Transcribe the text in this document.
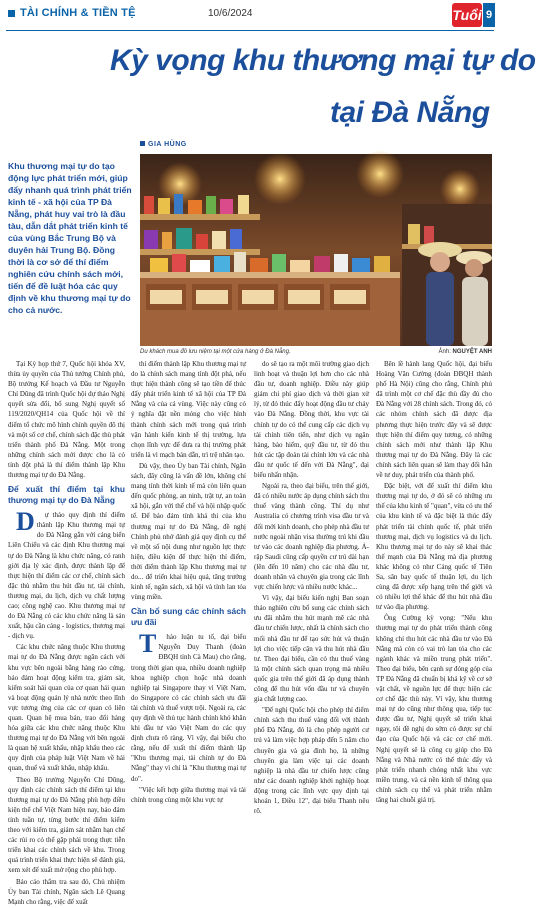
TÀI CHÍNH & TIỀN TỆ	10/6/2024	Tuổi 9
Kỳ vọng khu thương mại tự do
tại Đà Nẵng
GIA HÙNG
Khu thương mại tự do tạo động lực phát triển mới, giúp đẩy nhanh quá trình phát triển kinh tế - xã hội của TP Đà Nẵng, phát huy vai trò là đầu tàu, dẫn dắt phát triển kinh tế của vùng Bắc Trung Bộ và duyên hải Trung Bộ. Đồng thời là cơ sở để thí điểm nghiên cứu chính sách mới, tiến để đề luật hóa các quy định về khu thương mại tự do cho cả nước.
Du khách mua đồ lưu niệm tại một cửa hàng ở Đà Nẵng.	Ảnh: NGUYỆT ANH

Tại Kỳ họp thứ 7, Quốc hội khóa XV, thừa ủy quyền của Thủ tướng Chính phủ, Bộ trưởng Kế hoạch và Đầu tư Nguyễn Chí Dũng đã trình Quốc hội dự thảo Nghị quyết sửa đổi, bổ sung Nghị quyết số 119/2020/QH14 của Quốc hội về thí điểm tổ chức mô hình chính quyền đô thị và một số cơ chế, chính sách đặc thù phát triển thành phố Đà Nẵng. Một trong những chính sách mới được cho là có tính đột phá là thí điểm thành lập Khu thương mại tự do Đà Nẵng.

Để xuất thí điểm tại khu thương mại tự do Đà Nẵng

Dự thảo quy định thí điểm thành lập Khu thương mại tự do Đà Nẵng gắn với cảng biển Liên Chiểu và các định Khu thương mại tự do Đà Nẵng là khu chức năng, có ranh giới địa lý xác định, được thành lập để thực hiện thí điểm các cơ chế, chính sách đặc thù nhằm thu hút đầu tư, tài chính, thương mại, du lịch, dịch vụ chất lượng cao; công nghệ cao. Khu thương mại tự do Đà Nẵng có các khu chức năng là sản xuất, hậu cần cảng - logistics, thương mại - dịch vụ.

Các khu chức năng thuộc Khu thương mại tự do Đà Nẵng được ngăn cách với khu vực bên ngoài bằng hàng rào cứng, bảo đảm hoạt động kiểm tra, giám sát, kiểm soát hải quan của cơ quan hải quan và hoạt động quản lý nhà nước theo lĩnh vực tương ứng của các cơ quan có liên quan. Quan hệ mua bán, trao đổi hàng hóa giữa các khu chức năng thuộc Khu thương mại tự do Đà Nẵng với bên ngoài là quan hệ xuất khẩu, nhập khẩu theo các quy định của pháp luật Việt Nam về hải quan, thuế và xuất khẩu, nhập khẩu.

Theo Bộ trưởng Nguyễn Chí Dũng, quy định các chính sách thí điểm tại khu thương mại tự do Đà Nẵng phù hợp điều kiện thể chế Việt Nam hiện nay, bảo đảm tính tuần tự, từng bước thí điểm kiểm theo với kiểm tra, giám sát nhằm hạn chế các rủi ro có thể gặp phải trong thực tiễn triển khai các chính sách về khu. Trong quá trình triển khai thực hiện sẽ đánh giá, xem xét để xuất mở rộng cho phù hợp.

Bảo cáo thẩm tra sau đó, Chủ nhiệm Ủy ban Tài chính, Ngân sách Lê Quang Mạnh cho rằng, việc để xuất

thí điểm thành lập Khu thương mại tự do là chính sách mang tính đột phá, nếu thực hiện thành công sẽ tạo tiền để thúc đẩy phát triển kinh tế xã hội của TP Đà Nẵng và của cả vùng. Việc này cũng có ý nghĩa đặt nền móng cho việc hình thành chính sách mới trong quá trình vận hành kiến kinh tế thị trường, lựa chọn lĩnh vực để đưa ra thị trường phát triển là vì mạch bản dẫn, trì trệ nhân tạo.

Dù vậy, theo Ủy ban Tài chính, Ngân sách, đây cũng là vấn đề lớn, không chỉ mang tính thời kinh tế mà còn liên quan đến quốc phòng, an ninh, trật tự, an toàn xã hội, gắn với thể chế và hội nhập quốc tế. Để bảo đảm tính khả thi của khu thương mại tự do Đà Nẵng, đề nghị Chính phủ nhớ đánh giá quy định cụ thể về một số nội dung như nguồn lực thực hiện, điều kiện để thực hiện thí điểm, thời điểm thành lập Khu thương mại tự do... để triển khai hiệu quả, tăng trưởng kinh tế, ngân sách, xã hội và tính lan tỏa vùng miền.

Cần bổ sung các chính sách ưu đãi

Thảo luận tu tổ, đại biểu Nguyễn Duy Thanh (đoàn ĐBQH tỉnh Cà Mau) cho rằng, trong thời gian qua, nhiều doanh nghiệp khoa nghiệp chọn hoặc nhà doanh nghiệp tại Singapore thay vì Việt Nam, do Singapore có các chính sách ưu đãi tài chính và thuế vượt trội. Ngoài ra, các quy định về thủ tục hành chính khó khăn khi đầu tư vào Việt Nam do các quy định chưa rõ ràng. Vì vậy, đại biểu cho rằng, nếu để xuất thí điểm thành lập "Khu thương mại, tài chính tự do Đà Nẵng" thay vì chỉ là "Khu thương mại tự do".

"Việc kết hợp giữa thương mại và tài chính trong cùng một khu vực tự

do sẽ tạo ra một môi trường giao dịch linh hoạt và thuận lợi hơn cho các nhà đầu tư, doanh nghiệp. Điều này giúp giảm chi phí giao dịch và thời gian xử lý, từ đó thúc đẩy hoạt động đầu tư chảy vào Đà Nẵng. Đồng thời, khu vực tài chính tự do có thể cung cấp các dịch vụ tài chính tiên tiến, như dịch vụ ngân hàng, bảo hiểm, quỹ đầu tư, từ đó thu hút các tập đoàn tài chính lớn và các nhà đầu tư quốc tế đến với Đà Nẵng", đại biểu nhấn nhận.

Ngoài ra, theo đại biểu, trên thế giới, đã có nhiều nước áp dụng chính sách thu thuế vàng thành công. Thí dụ như Australia có chương trình visa đầu tư và đối mới kinh doanh, cho phép nhà đầu tư nước ngoài nhận visa thường trú khi đầu tư vào các doanh nghiệp địa phương. Ả-rập Saudi cũng cấp quyền cư trú dài hạn (lên đến 10 năm) cho các nhà đầu tư, doanh nhân và chuyên gia trong các lĩnh vực chiến lược và nhiều nước khác...

Vì vậy, đại biểu kiến nghị Ban soạn thảo nghiên cứu bổ sung các chính sách ưu đãi nhằm thu hút mạnh mẽ các nhà đầu tư chiến lược, nhất là chính sách cho mối nhà đầu tư để tạo sức hút và thuận lợi cho việc tiếp cận và thu hút nhà đầu tư. Theo đại biểu, cần có thu thuế vàng là một chính sách quan trọng mà nhiều quốc gia trên thế giới đã áp dụng thành công để thu hút vốn đầu tư và chuyên gia chất lượng cao.

"Để nghị Quốc hội cho phép thí điểm chính sách thu thuế vàng đối với thành phố Đà Nẵng, đó là cho phép người cư trú và làm việc hợp pháp đến 5 năm cho chuyên gia và gia đình họ, là những chuyên gia làm việc tại các doanh nghiệp là nhà đầu tư chiến lược cũng như các doanh nghiệp khởi nghiệp hoạt động trong các lĩnh vực quy định tại khoản 1, Điều 12", đại biểu Thanh nêu rõ.

Bên lề hành lang Quốc hội, đại biểu Hoàng Văn Cường (đoàn ĐBQH thành phố Hà Nội) cũng cho rằng, Chính phủ đã trình một cơ chế đặc thù đầy đủ cho Đà Nẵng với 28 chính sách. Trong đó, có các nhóm chính sách đã được địa phương thực hiện trước đây và sẽ được thực hiện thí điểm quy tương, có những chính sách mới như thành lập Khu thương mại tự do Đà Nẵng. Đây là các chính sách liên quan sẽ làm thay đổi hẳn về tư duy, phát triển của thành phố.

Đặc biệt, với để xuất thí điểm khu thương mại tự do, ở đó sẽ có những ưu thế của khu kinh tế "quan", vừa có ưu thế của khu kinh tế và đặc biệt là thúc đẩy phát triển tài chính quốc tế, phát triển thương mại, dịch vụ logistics và du lịch. Khu thương mại tự do này sẽ khai thác thế mạnh của Đà Nẵng mà địa phương khác không có như Cảng quốc tế Tiên Sa, sân bay quốc tế thuận lợi, du lịch cùng đã được xếp hạng trên thế giới và có nhiều lợi thế khác để thu hút nhà đầu tư vào địa phương.

Ông Cường kỳ vọng: "Nếu khu thương mại tự do phát triển thành công không chỉ thu hút các nhà đầu tư vào Đà Nẵng mà còn có vai trò lan tỏa cho các ngành khác và miền trung phát triển". Theo đại biểu, bên cạnh sự đóng góp của TP Đà Nẵng đã chuẩn bị khá kỹ về cơ sở vật chất, về nguồn lực để thực hiện các cơ chế đặc thù này. Vì vậy, khu thương mại tự do cũng như thông qua, tiếp tục được đầu tư, Nghị quyết sẽ triển khai ngay, tôi đề nghị do sớm có được sự chỉ đạo của Quốc hội và các cơ chế mới. Nghị quyết sẽ là công cụ giúp cho Đà Nẵng và Nhà nước có thể thúc đẩy và phát triển nhanh chóng nhất khu vực miền trung, và cả nền kinh tế thông qua chính sách cụ thể và phát triển nhằm tăng hai chuỗi giá trị.
